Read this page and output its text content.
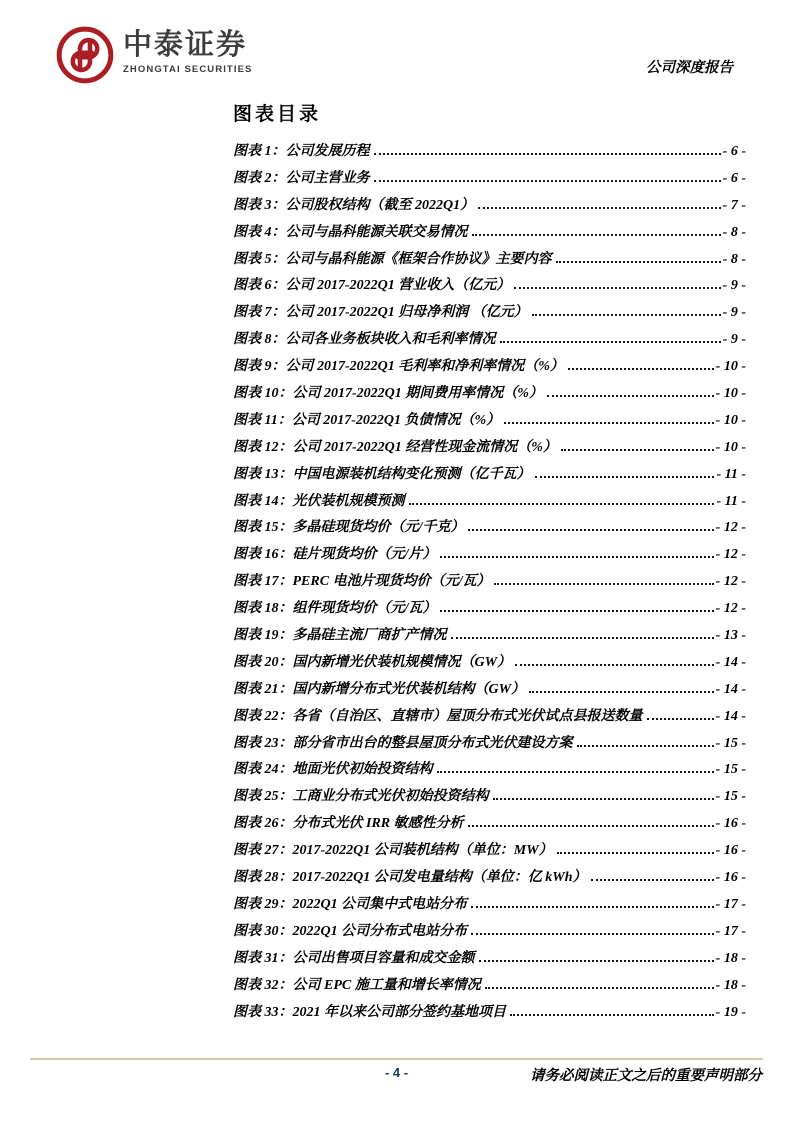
中泰证券
ZHONGTAI SECURITIES	公司深度报告
图表目录
图表 1：公司发展历程	- 6 -
图表 2：公司主营业务	- 6 -
图表 3：公司股权结构（截至 2022Q1）	- 7 -
图表 4：公司与晶科能源关联交易情况	- 8 -
图表 5：公司与晶科能源《框架合作协议》主要内容	- 8 -
图表 6：公司 2017-2022Q1 营业收入（亿元）	- 9 -
图表 7：公司 2017-2022Q1 归母净利润 （亿元）	- 9 -
图表 8：公司各业务板块收入和毛利率情况	- 9 -
图表 9：公司 2017-2022Q1 毛利率和净利率情况（%）	- 10 -
图表 10：公司 2017-2022Q1 期间费用率情况（%）	- 10 -
图表 11：公司 2017-2022Q1 负债情况（%）	- 10 -
图表 12：公司 2017-2022Q1 经营性现金流情况（%）	- 10 -
图表 13：中国电源装机结构变化预测（亿千瓦）	- 11 -
图表 14：光伏装机规模预测	- 11 -
图表 15：多晶硅现货均价（元/千克）	- 12 -
图表 16：硅片现货均价（元/片）	- 12 -
图表 17：PERC 电池片现货均价（元/瓦）	- 12 -
图表 18：组件现货均价（元/瓦）	- 12 -
图表 19：多晶硅主流厂商扩产情况	- 13 -
图表 20：国内新增光伏装机规模情况（GW）	- 14 -
图表 21：国内新增分布式光伏装机结构（GW）	- 14 -
图表 22：各省（自治区、直辖市）屋顶分布式光伏试点县报送数量	- 14 -
图表 23：部分省市出台的整县屋顶分布式光伏建设方案	- 15 -
图表 24：地面光伏初始投资结构	- 15 -
图表 25：工商业分布式光伏初始投资结构	- 15 -
图表 26：分布式光伏 IRR 敏感性分析	- 16 -
图表 27：2017-2022Q1 公司装机结构（单位：MW）	- 16 -
图表 28：2017-2022Q1 公司发电量结构（单位：亿 kWh）	- 16 -
图表 29：2022Q1 公司集中式电站分布	- 17 -
图表 30：2022Q1 公司分布式电站分布	- 17 -
图表 31：公司出售项目容量和成交金额	- 18 -
图表 32：公司 EPC 施工量和增长率情况	- 18 -
图表 33：2021 年以来公司部分签约基地项目	- 19 -
- 4 -	请务必阅读正文之后的重要声明部分
